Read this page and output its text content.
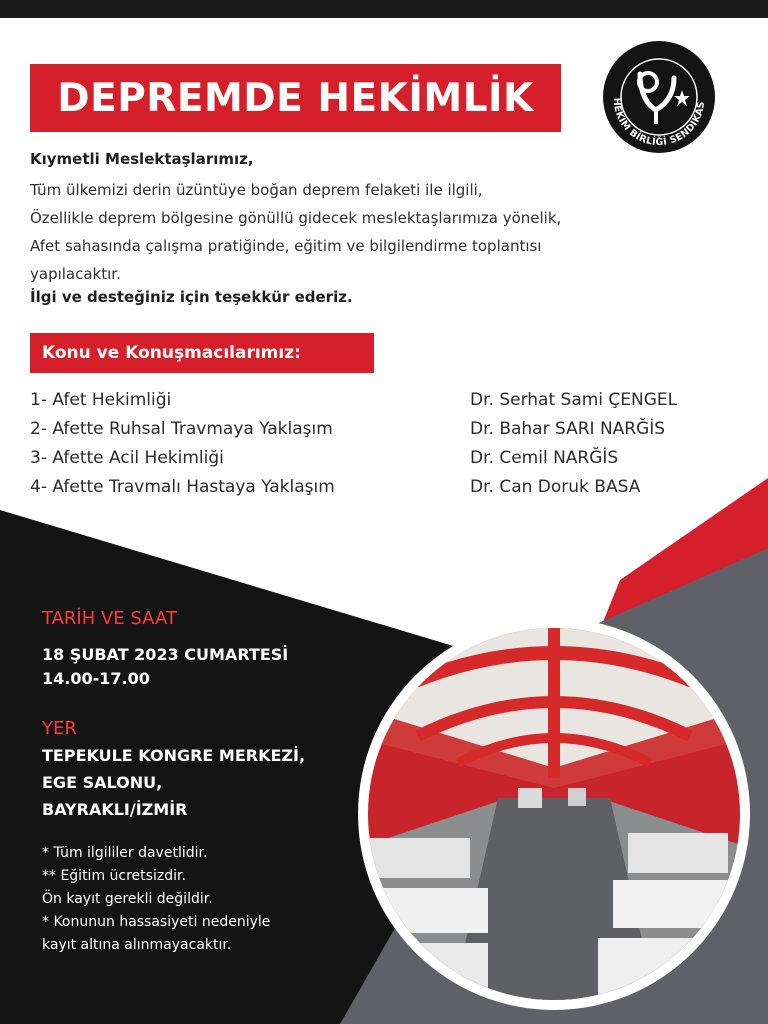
DEPREMDE HEKİMLİK	HEKİM BİRLİĞİ SENDİKAS
Kıymetli Meslektaşlarımız,
Tüm ülkemizi derin üzüntüye boğan deprem felaketi ile ilgili,
Özellikle deprem bölgesine gönüllü gidecek meslektaşlarımıza yönelik,
Afet sahasında çalışma pratiğinde, eğitim ve bilgilendirme toplantısı
yapılacaktır.
İlgi ve desteğiniz için teşekkür ederiz.
Konu ve Konuşmacılarımız:
1- Afet Hekimliği
2- Afette Ruhsal Travmaya Yaklaşım
3- Afette Acil Hekimliği
4- Afette Travmalı Hastaya Yaklaşım
Dr. Serhat Sami ÇENGEL
Dr. Bahar SARI NARĞİS
Dr. Cemil NARĞİS
Dr. Can Doruk BASA
TARİH VE SAAT
18 ŞUBAT 2023 CUMARTESİ
14.00-17.00
YER
TEPEKULE KONGRE MERKEZİ,
EGE SALONU,
BAYRAKLI/İZMİR
* Tüm ilgililer davetlidir.
** Eğitim ücretsizdir.
Ön kayıt gerekli değildir.
* Konunun hassasiyeti nedeniyle
kayıt altına alınmayacaktır.
